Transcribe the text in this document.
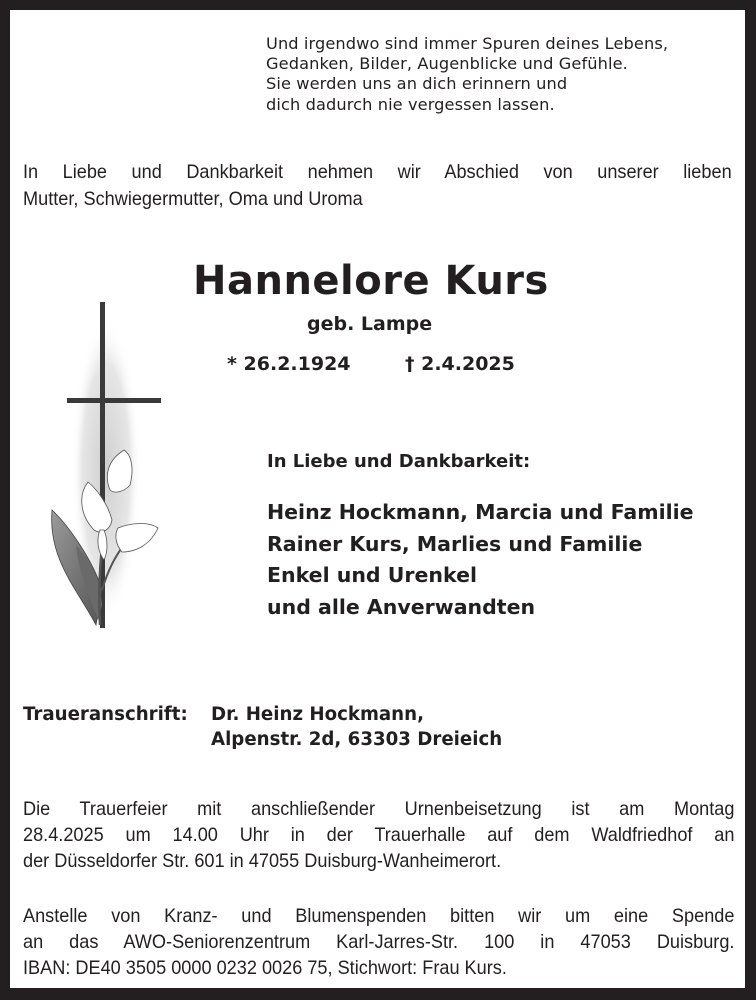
Und irgendwo sind immer Spuren deines Lebens,
Gedanken, Bilder, Augenblicke und Gefühle.
Sie werden uns an dich erinnern und
dich dadurch nie vergessen lassen.
In Liebe und Dankbarkeit nehmen wir Abschied von unserer lieben
Mutter, Schwiegermutter, Oma und Uroma
Hannelore Kurs
geb. Lampe
* 26.2.1924	† 2.4.2025
In Liebe und Dankbarkeit:
Heinz Hockmann, Marcia und Familie
Rainer Kurs, Marlies und Familie
Enkel und Urenkel
und alle Anverwandten
Traueranschrift: Dr. Heinz Hockmann,
Alpenstr. 2d, 63303 Dreieich
Die Trauerfeier mit anschließender Urnenbeisetzung ist am Montag
28.4.2025 um 14.00 Uhr in der Trauerhalle auf dem Waldfriedhof an
der Düsseldorfer Str. 601 in 47055 Duisburg-Wanheimerort.
Anstelle von Kranz- und Blumenspenden bitten wir um eine Spende
an das AWO-Seniorenzentrum Karl-Jarres-Str. 100 in 47053 Duisburg.
IBAN: DE40 3505 0000 0232 0026 75, Stichwort: Frau Kurs.
